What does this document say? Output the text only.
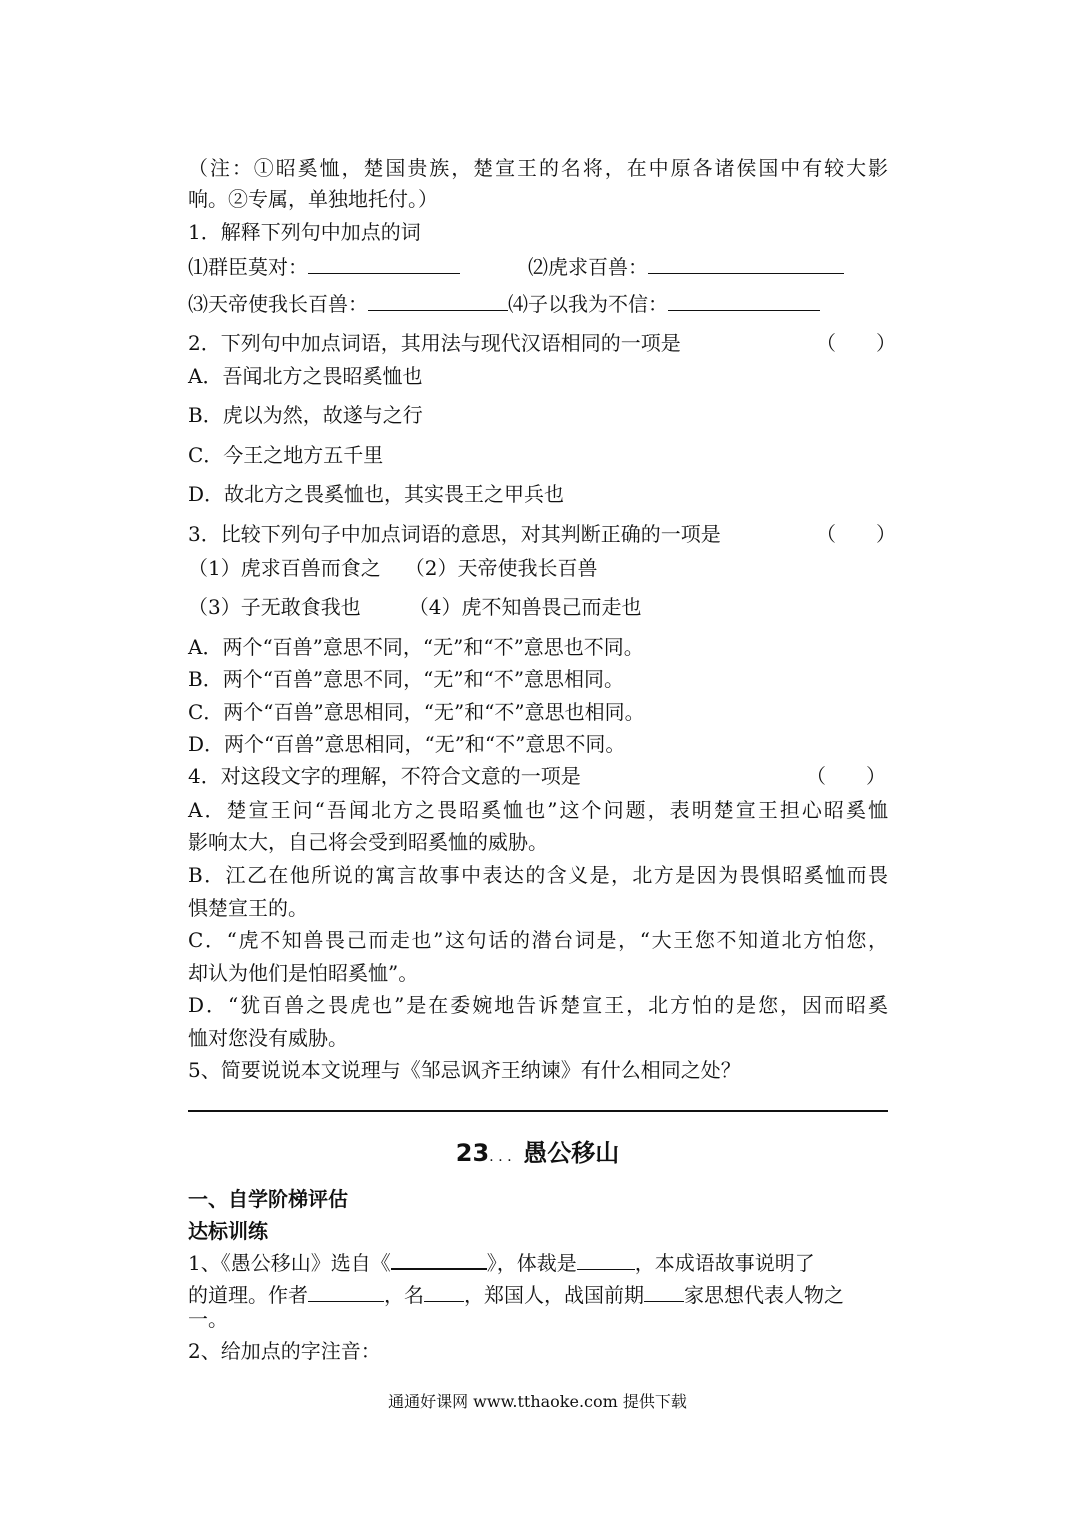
（注：①昭奚恤，楚国贵族，楚宣王的名将，在中原各诸侯国中有较大影
响。②专属，单独地托付。）
1．解释下列句中加点的词
⑴群臣莫对：	⑵虎求百兽：
⑶天帝使我长百兽：	⑷子以我为不信：
2．下列句中加点词语，其用法与现代汉语相同的一项是	（　　）
A．吾闻北方之畏昭奚恤也
B．虎以为然，故遂与之行
C．今王之地方五千里
D．故北方之畏奚恤也，其实畏王之甲兵也
3．比较下列句子中加点词语的意思，对其判断正确的一项是	（　　）
（1）虎求百兽而食之 （2）天帝使我长百兽
（3）子无敢食我也 （4）虎不知兽畏己而走也
A．两个“百兽”意思不同，“无”和“不”意思也不同。
B．两个“百兽”意思不同，“无”和“不”意思相同。
C．两个“百兽”意思相同，“无”和“不”意思也相同。
D．两个“百兽”意思相同，“无”和“不”意思不同。
4．对这段文字的理解，不符合文意的一项是	（　　）
A．楚宣王问“吾闻北方之畏昭奚恤也”这个问题，表明楚宣王担心昭奚恤
影响太大，自己将会受到昭奚恤的威胁。
B．江乙在他所说的寓言故事中表达的含义是，北方是因为畏惧昭奚恤而畏
惧楚宣王的。
C．“虎不知兽畏己而走也”这句话的潜台词是，“大王您不知道北方怕您，
却认为他们是怕昭奚恤”。
D．“犹百兽之畏虎也”是在委婉地告诉楚宣王，北方怕的是您，因而昭奚
恤对您没有威胁。
5、简要说说本文说理与《邹忌讽齐王纳谏》有什么相同之处？
23．．．愚公移山
一、自学阶梯评估
达标训练
1、《愚公移山》选自《	》，体裁是	，本成语故事说明了
的道理。作者	，名 ，郑国人，战国前期 家思想代表人物之
一。
2、给加点的字注音：
通通好课网 www.tthaoke.com 提供下载
